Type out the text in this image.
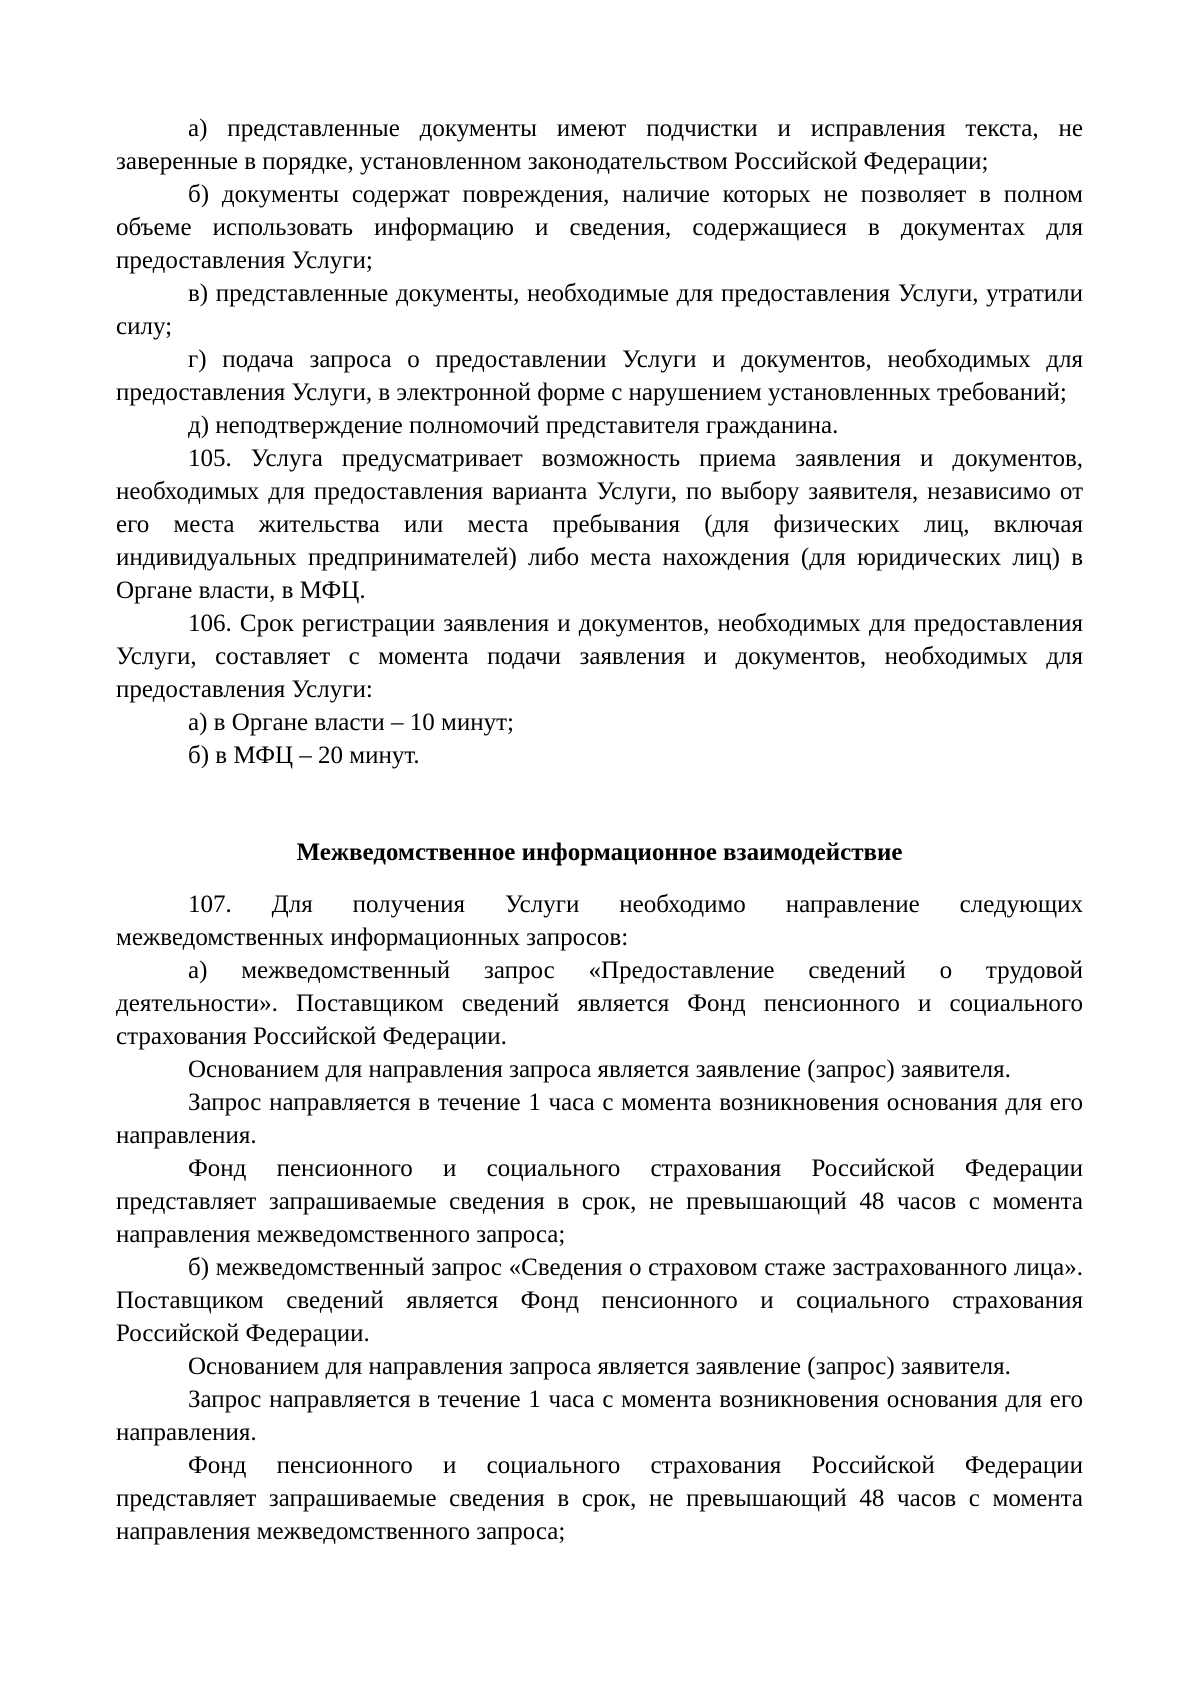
а) представленные документы имеют подчистки и исправления текста, не заверенные в порядке, установленном законодательством Российской Федерации;

б) документы содержат повреждения, наличие которых не позволяет в полном объеме использовать информацию и сведения, содержащиеся в документах для предоставления Услуги;

в) представленные документы, необходимые для предоставления Услуги, утратили силу;

г) подача запроса о предоставлении Услуги и документов, необходимых для предоставления Услуги, в электронной форме с нарушением установленных требований;

д) неподтверждение полномочий представителя гражданина.

105. Услуга предусматривает возможность приема заявления и документов, необходимых для предоставления варианта Услуги, по выбору заявителя, независимо от его места жительства или места пребывания (для физических лиц, включая индивидуальных предпринимателей) либо места нахождения (для юридических лиц) в Органе власти, в МФЦ.

106. Срок регистрации заявления и документов, необходимых для предоставления Услуги, составляет с момента подачи заявления и документов, необходимых для предоставления Услуги:

а) в Органе власти – 10 минут;

б) в МФЦ – 20 минут.

Межведомственное информационное взаимодействие

107. Для получения Услуги необходимо направление следующих межведомственных информационных запросов:

а) межведомственный запрос «Предоставление сведений о трудовой деятельности». Поставщиком сведений является Фонд пенсионного и социального страхования Российской Федерации.

Основанием для направления запроса является заявление (запрос) заявителя.

Запрос направляется в течение 1 часа с момента возникновения основания для его направления.

Фонд пенсионного и социального страхования Российской Федерации представляет запрашиваемые сведения в срок, не превышающий 48 часов с момента направления межведомственного запроса;

б) межведомственный запрос «Сведения о страховом стаже застрахованного лица». Поставщиком сведений является Фонд пенсионного и социального страхования Российской Федерации.

Основанием для направления запроса является заявление (запрос) заявителя.

Запрос направляется в течение 1 часа с момента возникновения основания для его направления.

Фонд пенсионного и социального страхования Российской Федерации представляет запрашиваемые сведения в срок, не превышающий 48 часов с момента направления межведомственного запроса;
